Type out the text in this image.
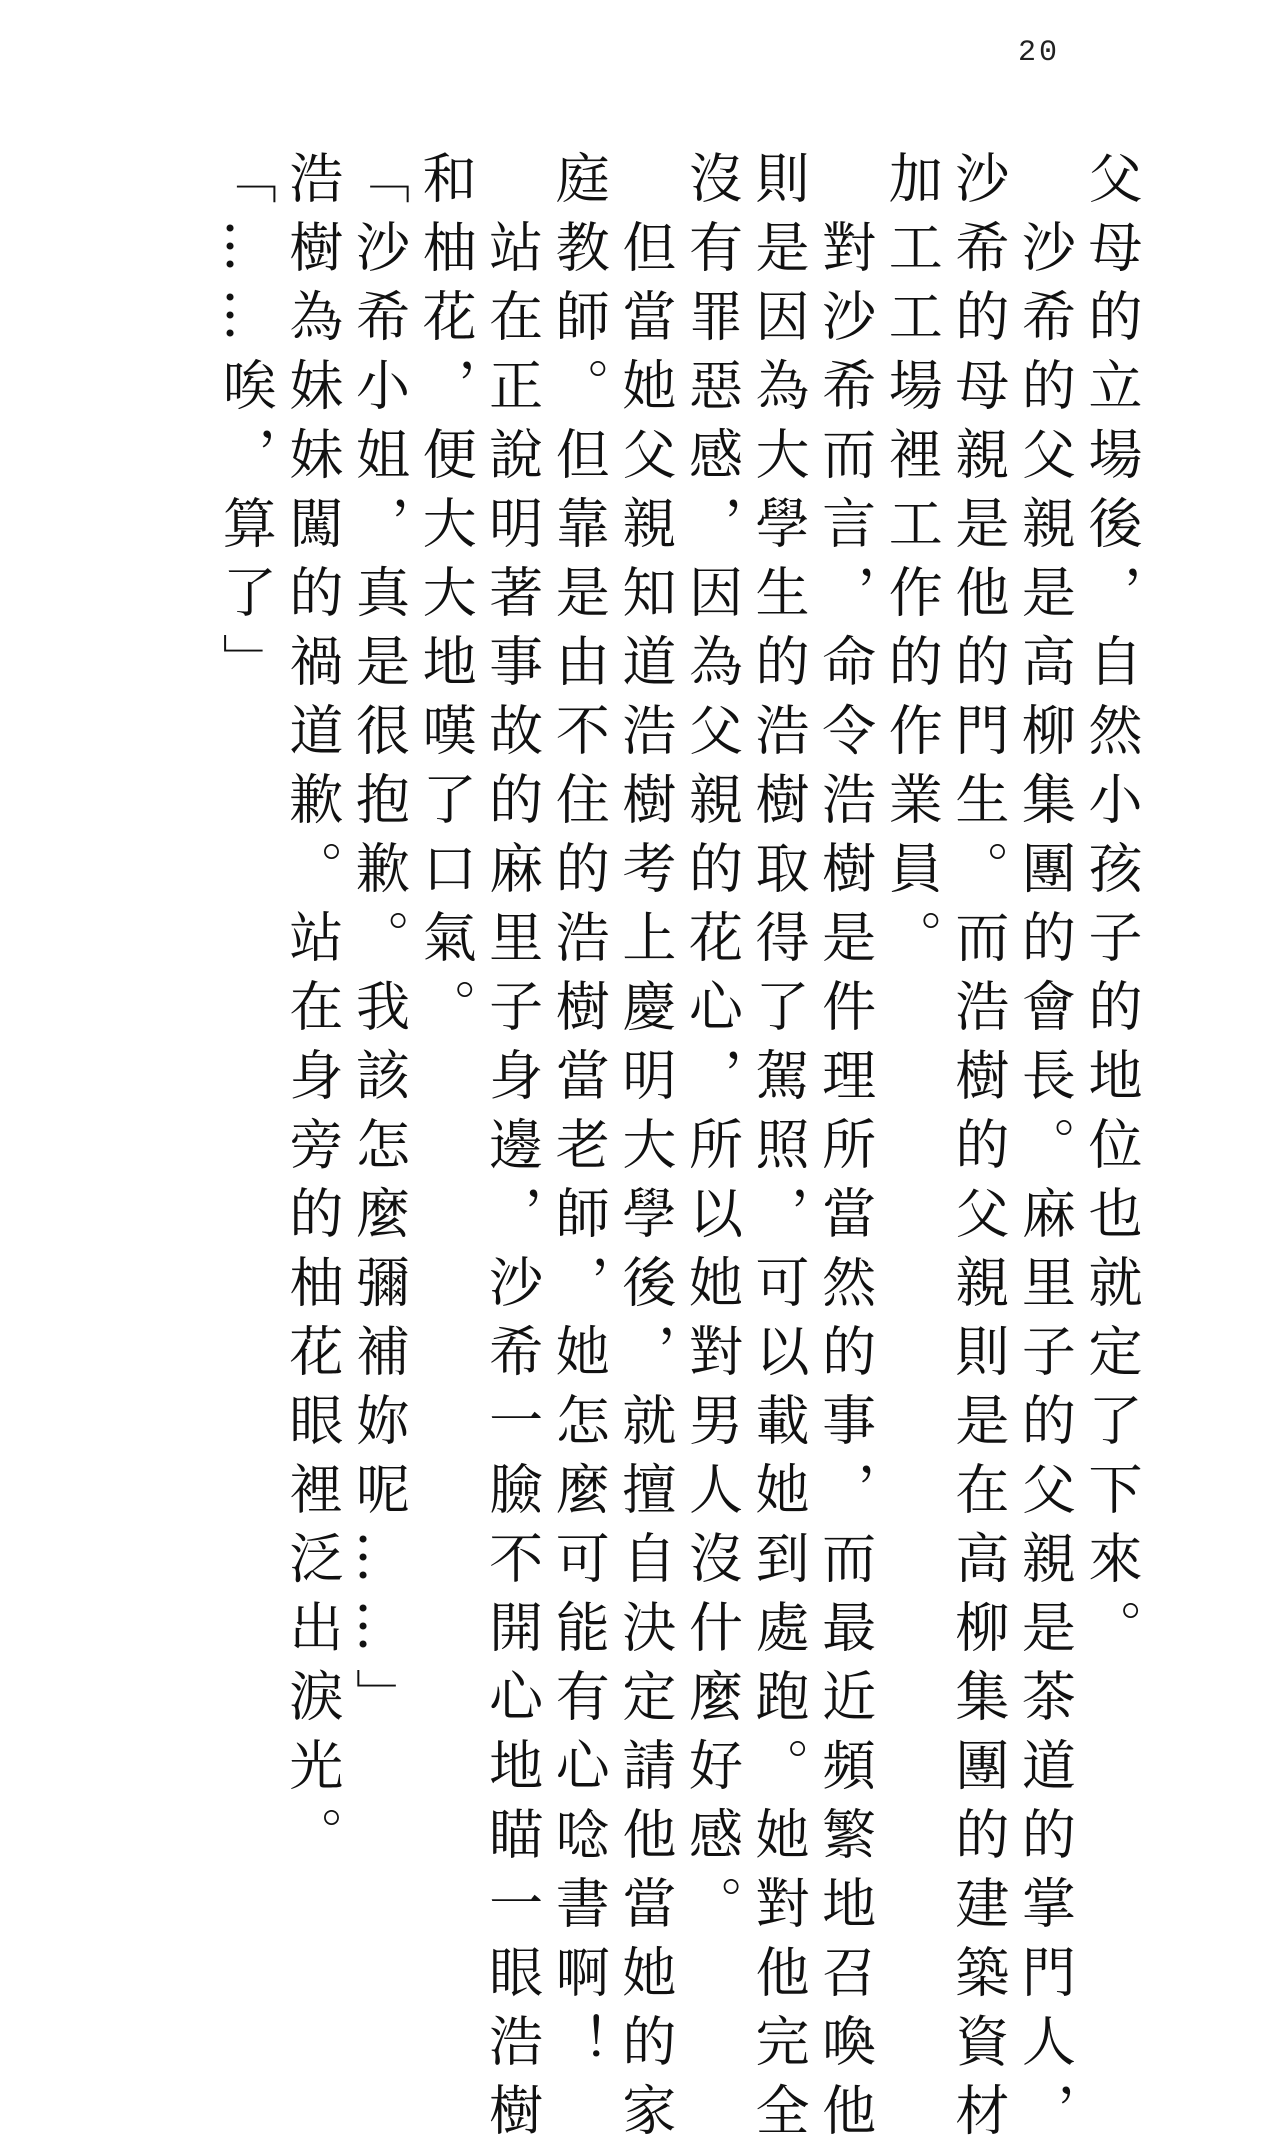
20
父母的立場後，自然小孩子的地位也就定了下來。
沙希的父親是高柳集團的會長。麻里子的父親是茶道的掌門人，
沙希的母親是他的門生。而浩樹的父親則是在高柳集團的建築資材
加工工場裡工作的作業員。
對沙希而言，命令浩樹是件理所當然的事，而最近頻繁地召喚他
則是因為大學生的浩樹取得了駕照，可以載她到處跑。她對他完全
沒有罪惡感，因為父親的花心，所以她對男人沒什麼好感。
但當她父親知道浩樹考上慶明大學後，就擅自決定請他當她的家
庭教師。但靠是由不住的浩樹當老師，她怎麼可能有心唸書啊！
站在正說明著事故的麻里子身邊，沙希一臉不開心地瞄一眼浩樹
和柚花，便大大地嘆了口氣。
「沙希小姐，真是很抱歉。我該怎麼彌補妳呢……」
浩樹為妹妹闖的禍道歉。站在身旁的柚花眼裡泛出淚光。
「……唉，算了」
